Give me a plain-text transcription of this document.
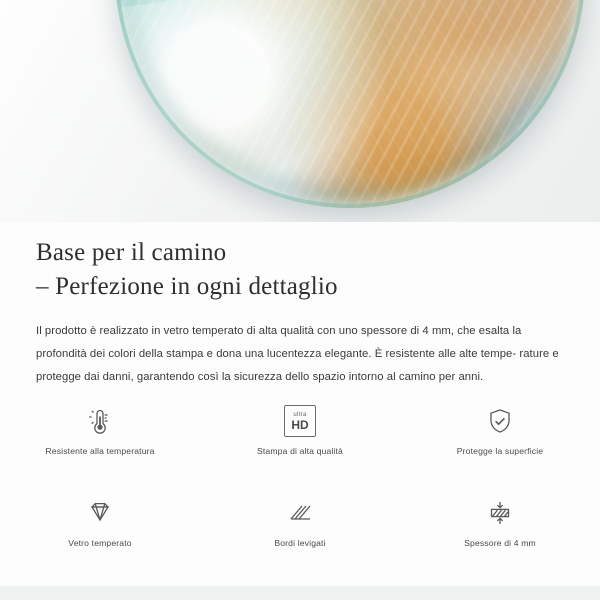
Base per il camino
– Perfezione in ogni dettaglio

Il prodotto è realizzato in vetro temperato di alta qualità con uno spessore di 4 mm, che esalta la profondità dei colori della stampa e dona una lucentezza elegante. È resistente alle alte tempe- rature e protegge dai danni, garantendo così la sicurezza dello spazio intorno al camino per anni.

Resistente alla temperatura
ultra
HD
Stampa di alta qualità	Protegge la superficie
Vetro temperato	Bordi levigati	Spessore di 4 mm
